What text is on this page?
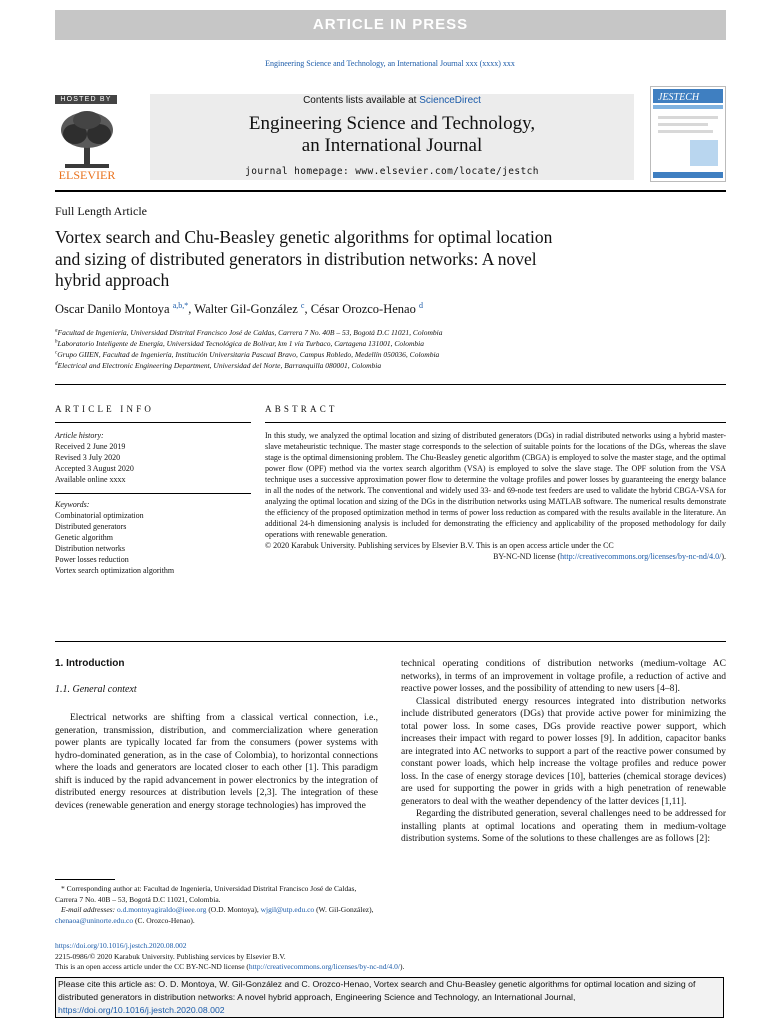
ARTICLE IN PRESS
Engineering Science and Technology, an International Journal xxx (xxxx) xxx
HOSTED BY
ELSEVIER
Contents lists available at ScienceDirect
Engineering Science and Technology,
an International Journal
journal homepage: www.elsevier.com/locate/jestch
JESTECH
Full Length Article
Vortex search and Chu-Beasley genetic algorithms for optimal location
and sizing of distributed generators in distribution networks: A novel
hybrid approach
Oscar Danilo Montoya $^{a,b,*}$, Walter Gil-González $^c$, César Orozco-Henao $^d$
$^a$Facultad de Ingeniería, Universidad Distrital Francisco José de Caldas, Carrera 7 No. 40B – 53, Bogotá D.C 11021, Colombia
$^b$Laboratorio Inteligente de Energía, Universidad Tecnológica de Bolívar, km 1 vía Turbaco, Cartagena 131001, Colombia
$^c$Grupo GIIEN, Facultad de Ingeniería, Institución Universitaria Pascual Bravo, Campus Robledo, Medellín 050036, Colombia
$^d$Electrical and Electronic Engineering Department, Universidad del Norte, Barranquilla 080001, Colombia
ARTICLE INFO
Article history:
Received 2 June 2019
Revised 3 July 2020
Accepted 3 August 2020
Available online xxxx
Keywords:
Combinatorial optimization
Distributed generators
Genetic algorithm
Distribution networks
Power losses reduction
Vortex search optimization algorithm
ABSTRACT
In this study, we analyzed the optimal location and sizing of distributed generators (DGs) in radial distributed networks using a hybrid master-slave metaheuristic technique. The master stage corresponds to the selection of suitable points for the locations of the DGs, whereas the slave stage is the optimal dimensioning problem. The Chu-Beasley genetic algorithm (CBGA) is employed to solve the master stage, and the optimal power flow (OPF) method via the vortex search algorithm (VSA) is employed to solve the slave stage. The OPF solution from the VSA technique uses a successive approximation power flow to determine the voltage profiles and power losses by guaranteeing the energy balance in all the nodes of the network. The conventional and widely used 33- and 69-node test feeders are used to validate the hybrid CBGA-VSA for analyzing the optimal location and sizing of the DGs in the distribution networks using MATLAB software. The numerical results demonstrate the efficiency of the proposed optimization method in terms of power loss reduction as compared with the results available in the literature. An additional 24-h dimensioning analysis is included for demonstrating the efficiency and applicability of the proposed methodology for daily operations with renewable generation.
© 2020 Karabuk University. Publishing services by Elsevier B.V. This is an open access article under the CC
BY-NC-ND license (http://creativecommons.org/licenses/by-nc-nd/4.0/).
1. Introduction
1.1. General context
Electrical networks are shifting from a classical vertical connection, i.e., generation, transmission, distribution, and commercialization where generation power plants are typically located far from the consumers (power systems with hydro-dominated generation, as in the case of Colombia), to horizontal connections where the loads and generators are located closer to each other [1]. This paradigm shift is induced by the rapid advancement in power electronics by the integration of distributed energy resources at distribution levels [2,3]. The integration of these devices (renewable generation and energy storage technologies) has improved the
technical operating conditions of distribution networks (medium-voltage AC networks), in terms of an improvement in voltage profile, a reduction of active and reactive power losses, and the possibility of attending to new users [4–8].
Classical distributed energy resources integrated into distribution networks include distributed generators (DGs) that provide active power for minimizing the total power loss. In some cases, DGs provide reactive power support, which increases their impact with regard to power losses [9]. In addition, capacitor banks are integrated into AC networks to support a part of the reactive power consumed by constant power loads, which help increase the voltage profiles and reduce power loss. In the case of energy storage devices [10], batteries (chemical storage devices) are used for supporting the power in grids with a high penetration of renewable generators to deal with the weather dependency of the latter devices [1,11].
Regarding the distributed generation, several challenges need to be addressed for installing plants at optimal locations and operating them in medium-voltage distribution systems. Some of the solutions to these challenges are as follows [2]:
* Corresponding author at: Facultad de Ingeniería, Universidad Distrital Francisco José de Caldas, Carrera 7 No. 40B – 53, Bogotá D.C 11021, Colombia.
E-mail addresses: o.d.montoyagiraldo@ieee.org (O.D. Montoya), wjgil@utp.edu.co (W. Gil-González), chenaoa@uninorte.edu.co (C. Orozco-Henao).
https://doi.org/10.1016/j.jestch.2020.08.002
2215-0986/© 2020 Karabuk University. Publishing services by Elsevier B.V.
This is an open access article under the CC BY-NC-ND license (http://creativecommons.org/licenses/by-nc-nd/4.0/).
Please cite this article as: O. D. Montoya, W. Gil-González and C. Orozco-Henao, Vortex search and Chu-Beasley genetic algorithms for optimal location and sizing of distributed generators in distribution networks: A novel hybrid approach, Engineering Science and Technology, an International Journal, https://doi.org/10.1016/j.jestch.2020.08.002
